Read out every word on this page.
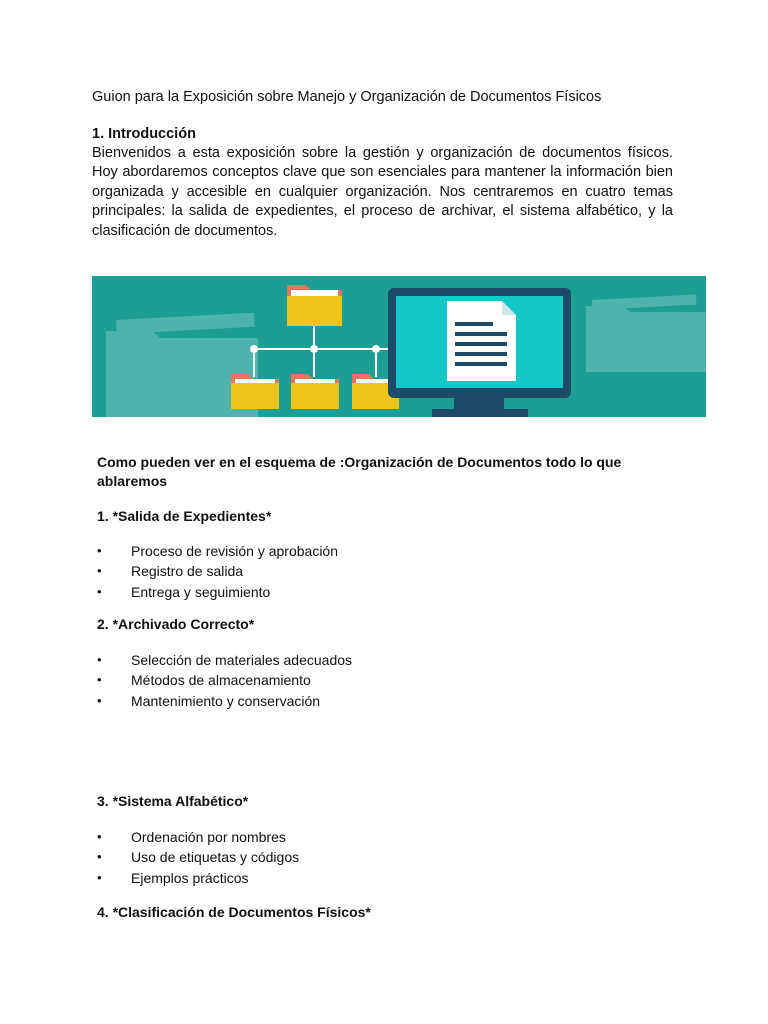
Guion para la Exposición sobre Manejo y Organización de Documentos Físicos
1. Introducción

Bienvenidos a esta exposición sobre la gestión y organización de documentos físicos. Hoy abordaremos conceptos clave que son esenciales para mantener la información bien organizada y accesible en cualquier organización. Nos centraremos en cuatro temas principales: la salida de expedientes, el proceso de archivar, el sistema alfabético, y la clasificación de documentos.

Como pueden ver en el esquema de :Organización de Documentos todo lo que ablaremos

1. *Salida de Expedientes*

•	Proceso de revisión y aprobación
•	Registro de salida
•	Entrega y seguimiento

2. *Archivado Correcto*

•	Selección de materiales adecuados
•	Métodos de almacenamiento
•	Mantenimiento y conservación

3. *Sistema Alfabético*

•	Ordenación por nombres
•	Uso de etiquetas y códigos
•	Ejemplos prácticos

4. *Clasificación de Documentos Físicos*
